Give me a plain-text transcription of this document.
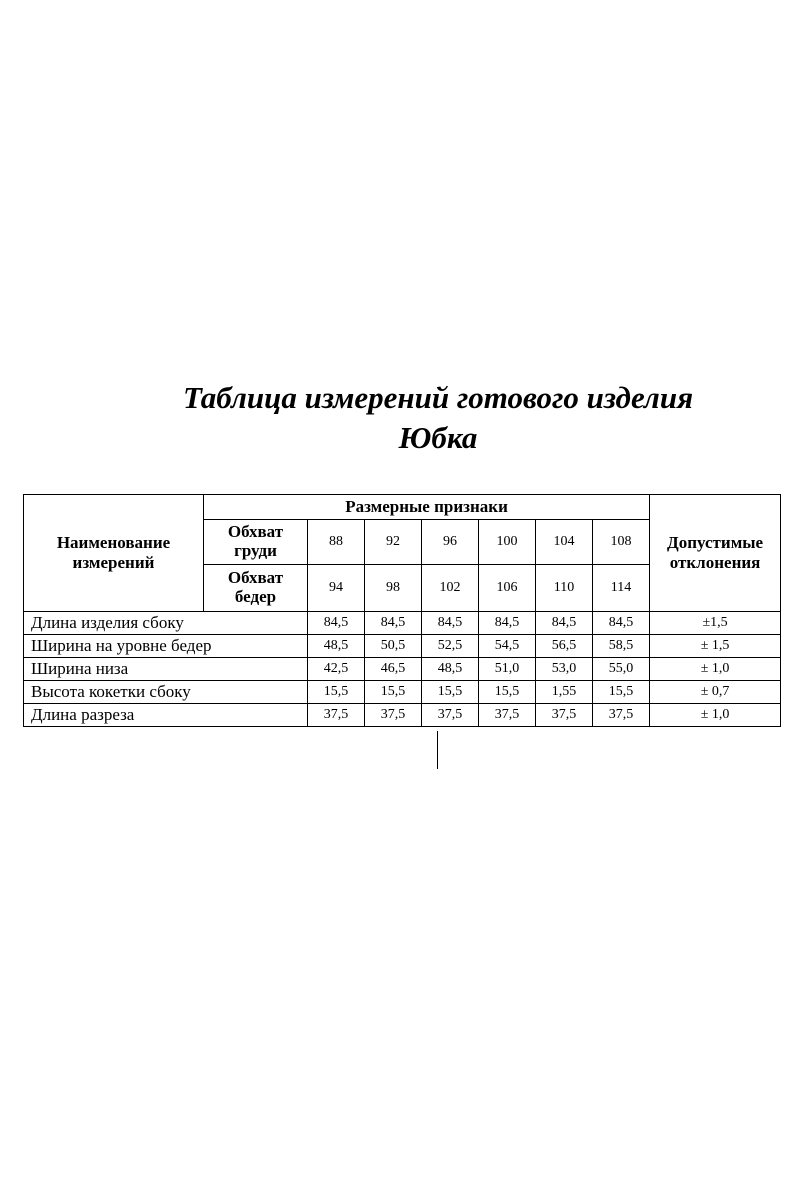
Таблица измерений готового изделия
Юбка
Наименование
измерений	Размерные признаки							Допустимые
отклонения
	Обхват
груди	88	92	96	100	104	108	
	Обхват
бедер	94	98	102	106	110	114	
Длина изделия сбоку		84,5	84,5	84,5	84,5	84,5	84,5	±1,5
Ширина на уровне бедер		48,5	50,5	52,5	54,5	56,5	58,5	± 1,5
Ширина низа		42,5	46,5	48,5	51,0	53,0	55,0	± 1,0
Высота кокетки сбоку		15,5	15,5	15,5	15,5	1,55	15,5	± 0,7
Длина разреза		37,5	37,5	37,5	37,5	37,5	37,5	± 1,0
